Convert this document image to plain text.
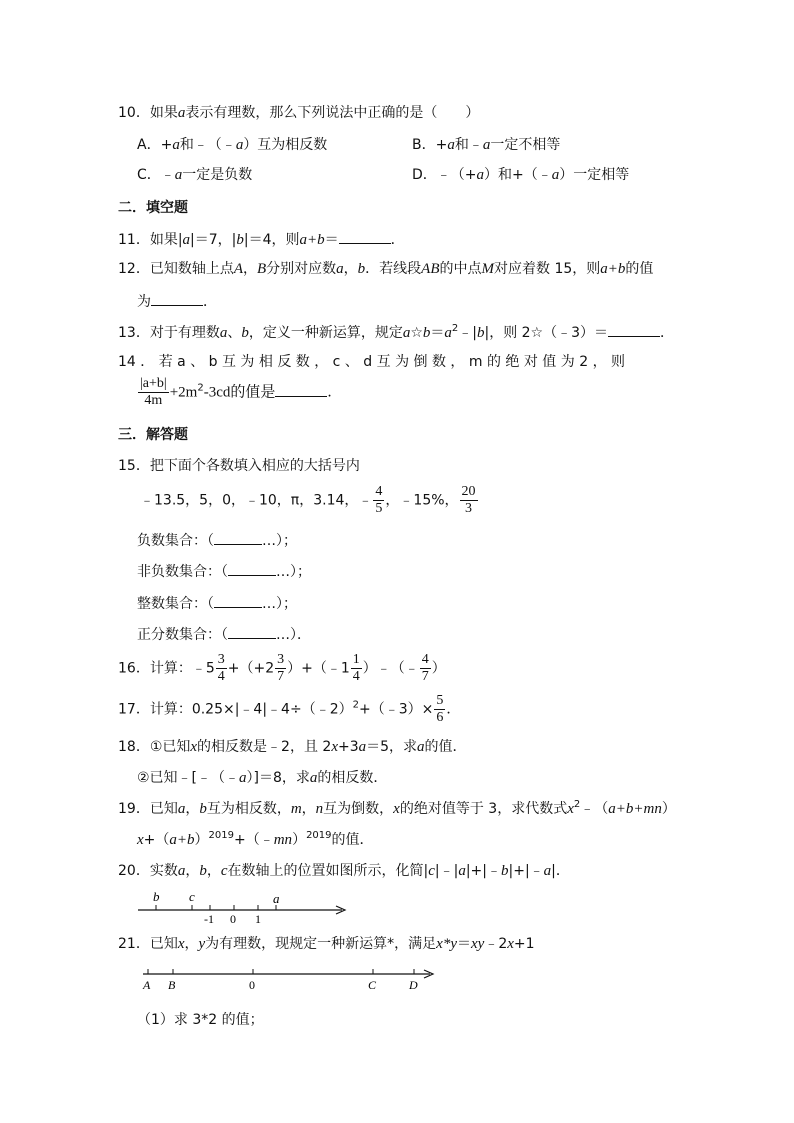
10．如果a表示有理数，那么下列说法中正确的是（　　）
A．+a和﹣（﹣a）互为相反数	B．+a和﹣a一定不相等
C．﹣a一定是负数	D．﹣（+a）和+（﹣a）一定相等
二．填空题
11．如果|a|＝7，|b|＝4，则a+b＝	．
12．已知数轴上点A，B分别对应数a，b．若线段AB的中点M对应着数 15，则a+b的值
为	．
13．对于有理数a、b，定义一种新运算，规定$a☆b=a^2﹣|b|$，则 2☆（﹣3）＝	．
14 ． 若 a 、 b 互 为 相 反 数 ， c 、 d 互 为 倒 数 ， m 的 绝 对 值 为 2 ， 则
$\frac{|a+b|}{4m} +2m^2-3cd$的值是	．
三．解答题
15．把下面个各数填入相应的大括号内
﹣13.5，5，0，﹣10，π，3.14，﹣ $\frac{4}{5}$ ，﹣15%， $\frac{20}{3}$
负数集合：（	…）；
非负数集合：（	…）；
整数集合：（	…）；
正分数集合：（	…）．
16．计算：﹣5 $\frac{3}{4} +(+2 \frac{3}{7}$ ）+（﹣1 $\frac{1}{4}$ ）﹣（﹣ $\frac{4}{7}$ ）
17．计算：0.25×|﹣4|﹣4÷（﹣2）$^2$+（﹣3）× $\frac{5}{6}$ ．
18．①已知x的相反数是﹣2，且 2x+3a＝5，求a的值．
②已知﹣[﹣（﹣a）]＝8，求a的相反数．
19．已知a，b互为相反数，m，n互为倒数，x的绝对值等于 3，求代数式$x^2﹣(a+b+mn)$
$x+(a+b)^{2019}+(﹣mn)^{2019}$的值．
20．实数a，b，c在数轴上的位置如图所示，化简|c|﹣|a|+|﹣b|+|﹣a|．
b c	a
-1 0 1
21．已知x，y为有理数，现规定一种新运算*，满足x*y＝xy﹣2x+1
A B	0	C	D
（1）求 3*2 的值；
